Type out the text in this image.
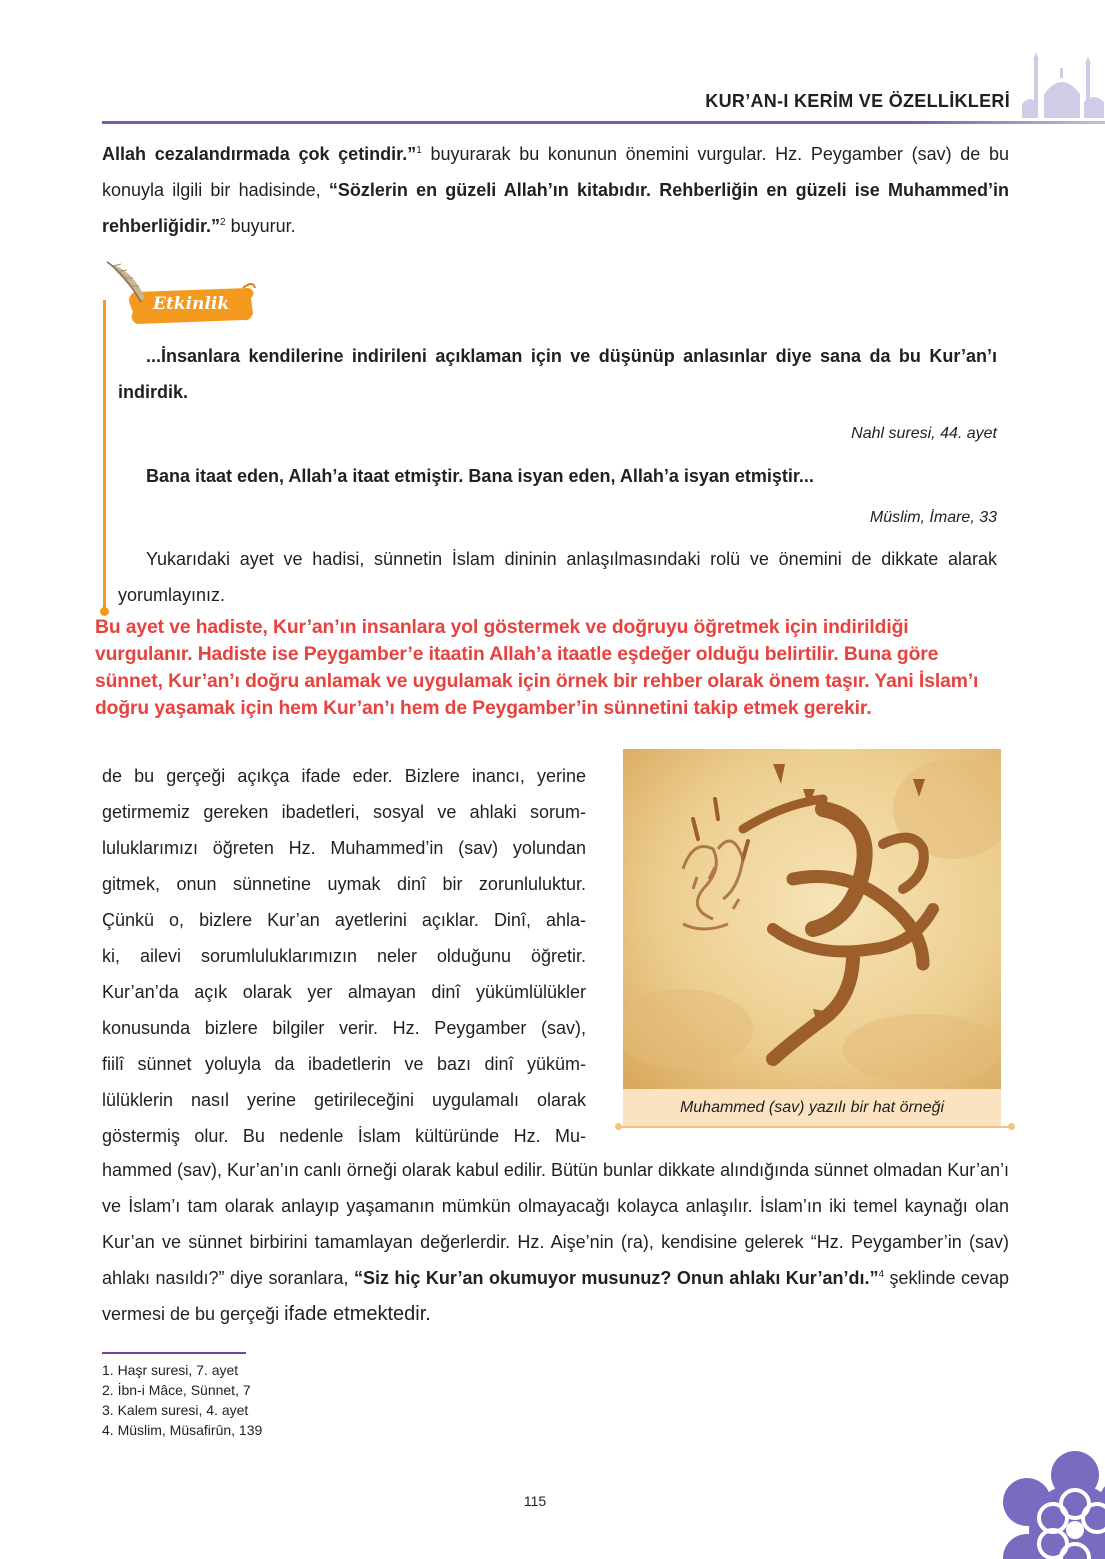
KUR’AN-I KERİM VE ÖZELLİKLERİ
Allah cezalandırmada çok çetindir.”$^1$ buyurarak bu konunun önemini vurgular. Hz. Peygamber (sav) de bu konuyla ilgili bir hadisinde, “Sözlerin en güzeli Allah’ın kitabıdır. Rehberliğin en güzeli ise Muhammed’in rehberliğidir.”$^2$ buyurur.
Etkinlik
...İnsanlara kendilerine indirileni açıklaman için ve düşünüp anlasınlar diye sana da bu Kur’an’ı indirdik.
Nahl suresi, 44. ayet
Bana itaat eden, Allah’a itaat etmiştir. Bana isyan eden, Allah’a isyan etmiştir...
Müslim, İmare, 33
Yukarıdaki ayet ve hadisi, sünnetin İslam dininin anlaşılmasındaki rolü ve önemini de dikkate alarak yorumlayınız.
Bu ayet ve hadiste, Kur’an’ın insanlara yol göstermek ve doğruyu öğretmek için indirildiği
vurgulanır. Hadiste ise Peygamber’e itaatin Allah’a itaatle eşdeğer olduğu belirtilir. Buna göre
sünnet, Kur’an’ı doğru anlamak ve uygulamak için örnek bir rehber olarak önem taşır. Yani İslam’ı
doğru yaşamak için hem Kur’an’ı hem de Peygamber’in sünnetini takip etmek gerekir.
de bu gerçeği açıkça ifade eder. Bizlere inancı, yerine
getirmemiz gereken ibadetleri, sosyal ve ahlaki sorum-
luluklarımızı öğreten Hz. Muhammed’in (sav) yolundan
gitmek, onun sünnetine uymak dinî bir zorunluluktur.
Çünkü o, bizlere Kur’an ayetlerini açıklar. Dinî, ahla-
ki, ailevi sorumluluklarımızın neler olduğunu öğretir.
Kur’an’da açık olarak yer almayan dinî yükümlülükler
konusunda bizlere bilgiler verir. Hz. Peygamber (sav),
fiilî sünnet yoluyla da ibadetlerin ve bazı dinî yüküm-
lülüklerin nasıl yerine getirileceğini uygulamalı olarak
göstermiş olur. Bu nedenle İslam kültüründe Hz. Mu-
Muhammed (sav) yazılı bir hat örneği
hammed (sav), Kur’an’ın canlı örneği olarak kabul edilir. Bütün bunlar dikkate alındığında sünnet olmadan Kur’an’ı ve İslam’ı tam olarak anlayıp yaşamanın mümkün olmayacağı kolayca anlaşılır. İslam’ın iki temel kaynağı olan Kur’an ve sünnet birbirini tamamlayan değerlerdir. Hz. Aişe’nin (ra), kendisine gelerek “Hz. Peygamber’in (sav) ahlakı nasıldı?” diye soranlara, “Siz hiç Kur’an okumuyor musunuz? Onun ahlakı Kur’an’dı.”$^4$ şeklinde cevap vermesi de bu gerçeği ifade etmektedir.
1. Haşr suresi, 7. ayet
2. İbn-i Mâce, Sünnet, 7
3. Kalem suresi, 4. ayet
4. Müslim, Müsafirûn, 139
115
